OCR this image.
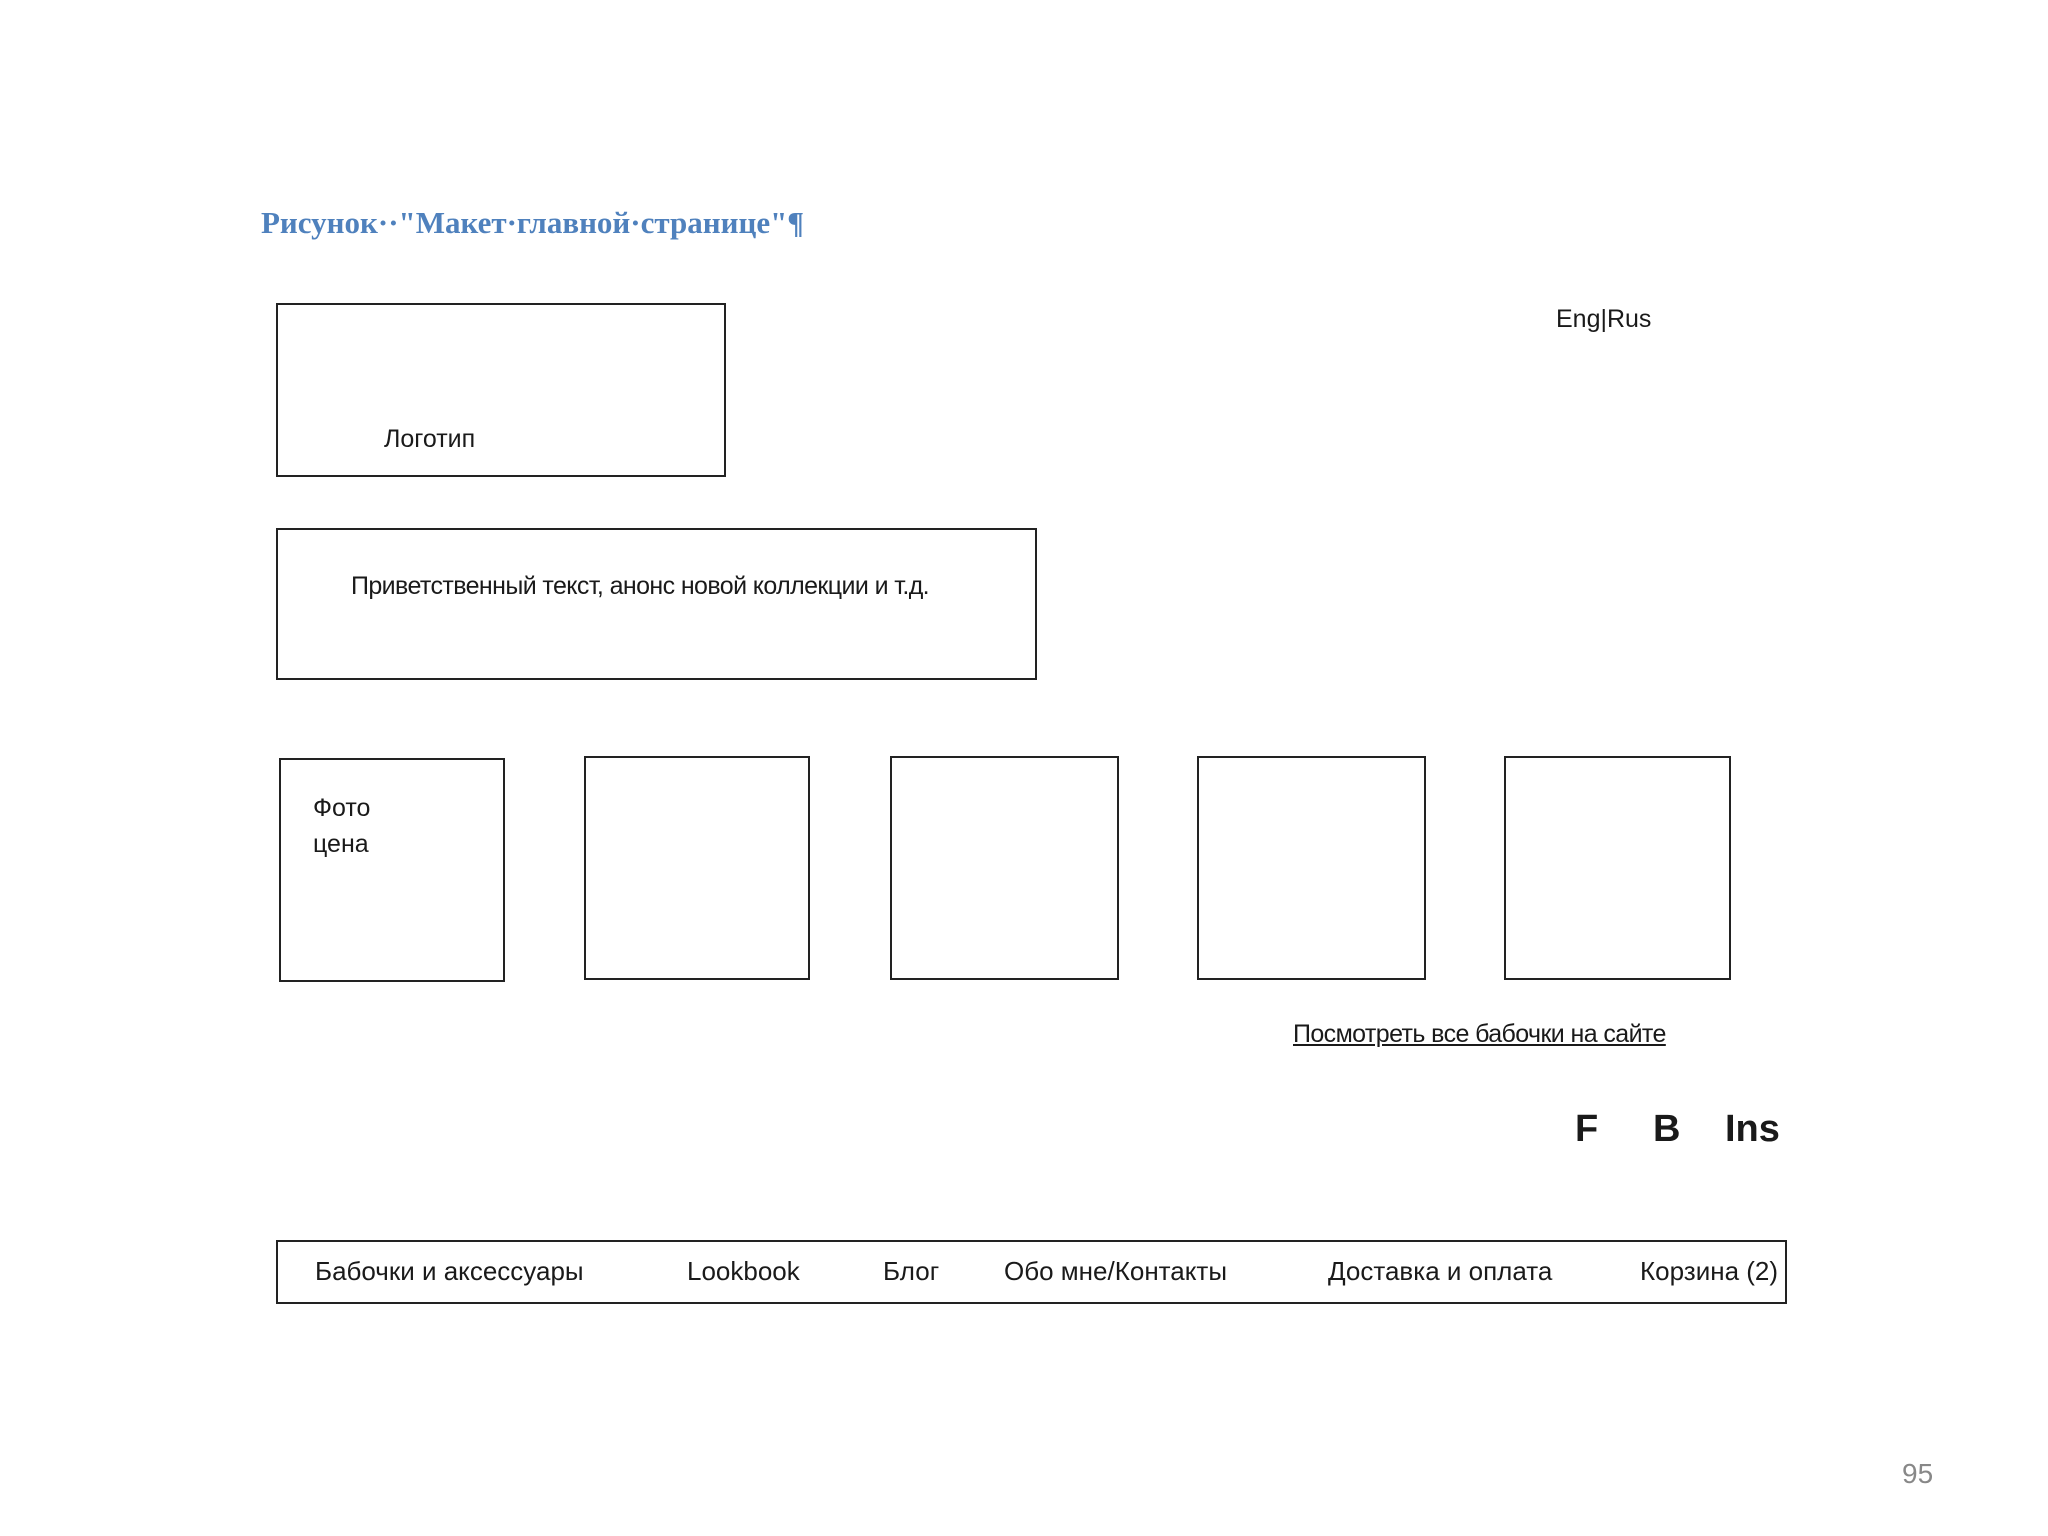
Рисунок··"Макет·главной·странице"¶
Логотип
Eng|Rus
Приветственный текст, анонс новой коллекции и т.д.
Фото
цена
Посмотреть все бабочки на сайте
F B Ins
Бабочки и аксессуары	Lookbook	Блог Обо мне/Контакты	Доставка и оплата	Корзина (2)
95
